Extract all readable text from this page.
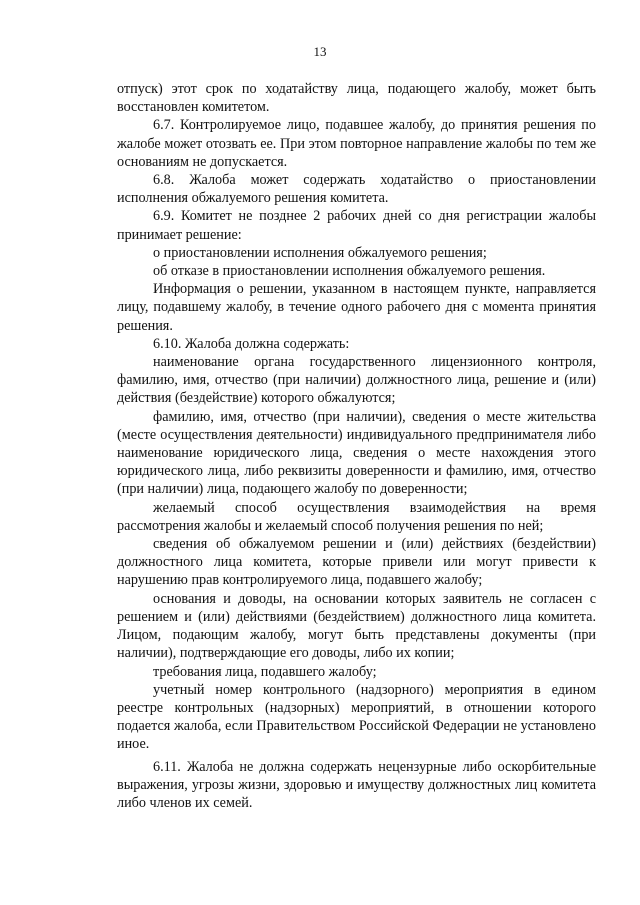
13

отпуск) этот срок по ходатайству лица, подающего жалобу, может быть восстановлен комитетом.

6.7. Контролируемое лицо, подавшее жалобу, до принятия решения по жалобе может отозвать ее. При этом повторное направление жалобы по тем же основаниям не допускается.

6.8. Жалоба может содержать ходатайство о приостановлении исполнения обжалуемого решения комитета.

6.9. Комитет не позднее 2 рабочих дней со дня регистрации жалобы принимает решение:

о приостановлении исполнения обжалуемого решения;

об отказе в приостановлении исполнения обжалуемого решения.

Информация о решении, указанном в настоящем пункте, направляется лицу, подавшему жалобу, в течение одного рабочего дня с момента принятия решения.

6.10. Жалоба должна содержать:

наименование органа государственного лицензионного контроля, фамилию, имя, отчество (при наличии) должностного лица, решение и (или) действия (бездействие) которого обжалуются;

фамилию, имя, отчество (при наличии), сведения о месте жительства (месте осуществления деятельности) индивидуального предпринимателя либо наименование юридического лица, сведения о месте нахождения этого юридического лица, либо реквизиты доверенности и фамилию, имя, отчество (при наличии) лица, подающего жалобу по доверенности;

желаемый способ осуществления взаимодействия на время рассмотрения жалобы и желаемый способ получения решения по ней;

сведения об обжалуемом решении и (или) действиях (бездействии) должностного лица комитета, которые привели или могут привести к нарушению прав контролируемого лица, подавшего жалобу;

основания и доводы, на основании которых заявитель не согласен с решением и (или) действиями (бездействием) должностного лица комитета. Лицом, подающим жалобу, могут быть представлены документы (при наличии), подтверждающие его доводы, либо их копии;

требования лица, подавшего жалобу;

учетный номер контрольного (надзорного) мероприятия в едином реестре контрольных (надзорных) мероприятий, в отношении которого подается жалоба, если Правительством Российской Федерации не установлено иное.

6.11. Жалоба не должна содержать нецензурные либо оскорбительные выражения, угрозы жизни, здоровью и имуществу должностных лиц комитета либо членов их семей.
